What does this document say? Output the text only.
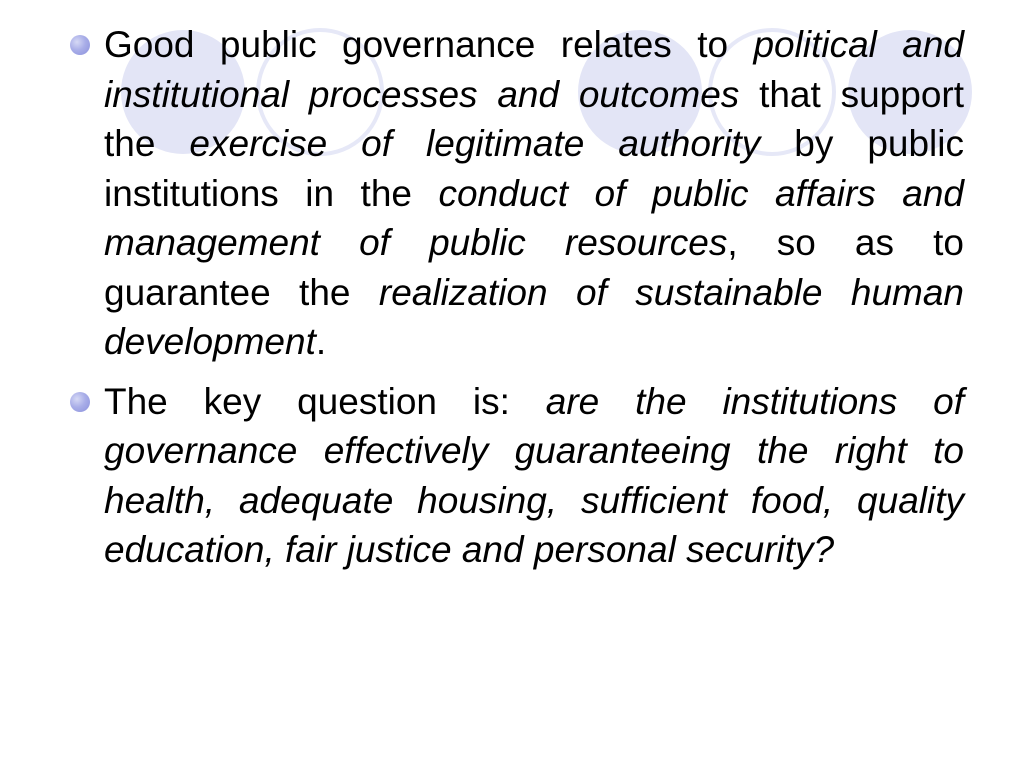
Good public governance relates to political and institutional processes and outcomes that support the exercise of legitimate authority by public institutions in the conduct of public affairs and management of public resources, so as to guarantee the realization of sustainable human development.
The key question is: are the institutions of governance effectively guaranteeing the right to health, adequate housing, sufficient food, quality education, fair justice and personal security?
